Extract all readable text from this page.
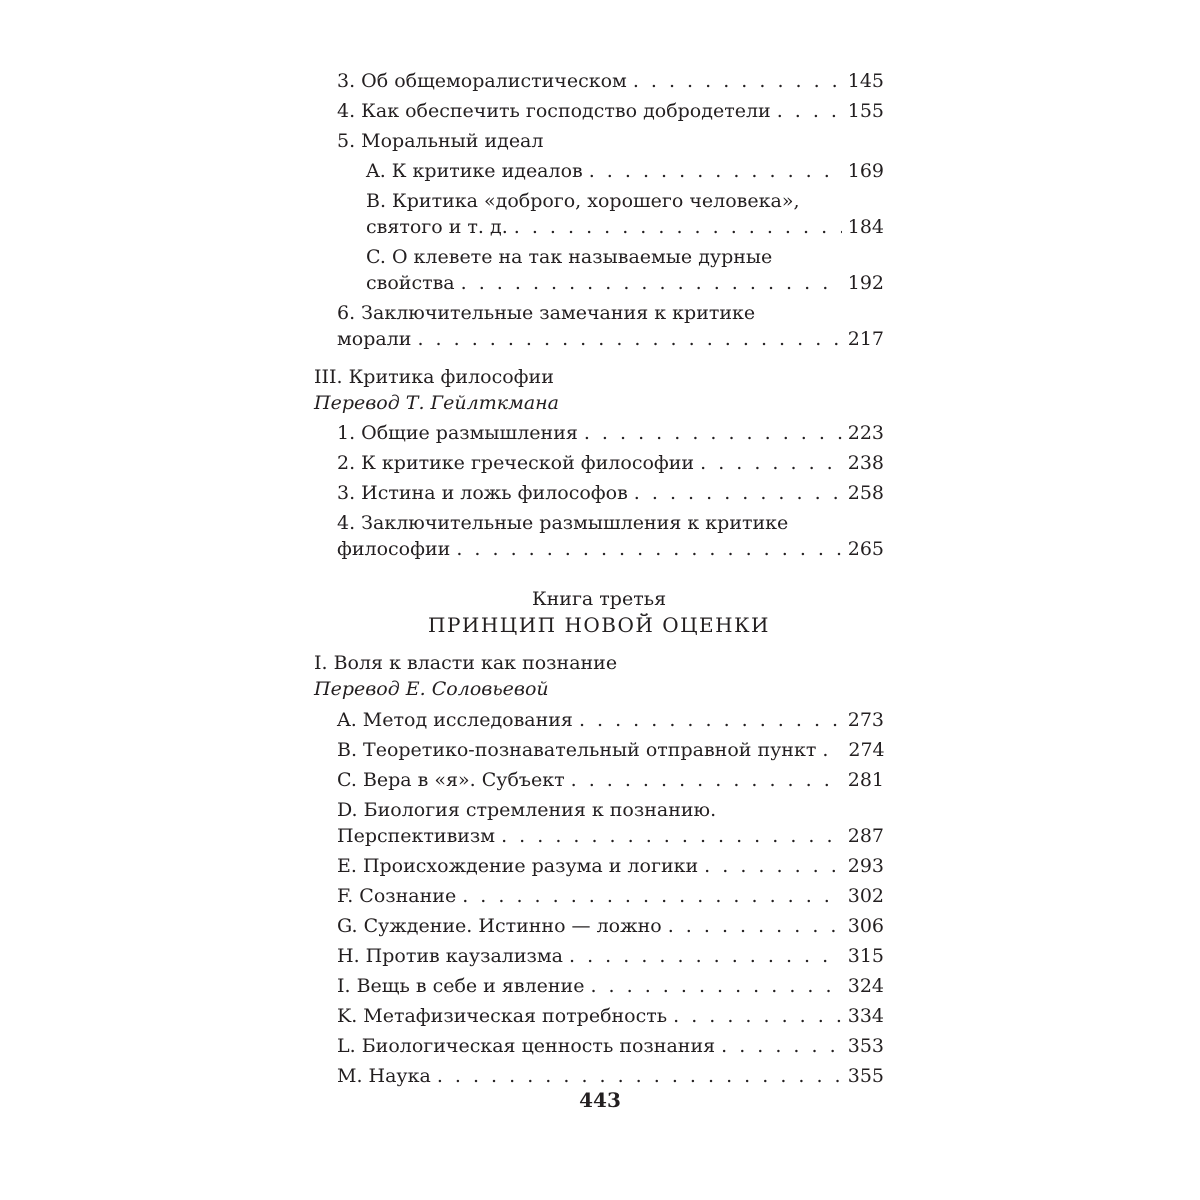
3. Об общеморалистическом . . .	145
4. Как обеспечить господство добродетели . . .	155
5. Моральный идеал
A. К критике идеалов . . .	169
B. Критика «доброго, хорошего человека»,
святого и т. д. . . .	184
C. О клевете на так называемые дурные
свойства . . .	192
6. Заключительные замечания к критике
морали . . .	217
III. Критика философии
Перевод Т. Гейлткмана
1. Общие размышления . . .	223
2. К критике греческой философии . . .	238
3. Истина и ложь философов . . .	258
4. Заключительные размышления к критике
философии . . .	265
Книга третья
ПРИНЦИП НОВОЙ ОЦЕНКИ
I. Воля к власти как познание
Перевод Е. Соловьевой
A. Метод исследования . . .	273
B. Теоретико-познавательный отправной пункт . . . 274
C. Вера в «я». Субъект . . .	281
D. Биология стремления к познанию.
Перспективизм . . .	287
E. Происхождение разума и логики . . .	293
F. Сознание . . .	302
G. Суждение. Истинно — ложно . . .	306
H. Против каузализма . . .	315
I. Вещь в себе и явление . . .	324
K. Метафизическая потребность . . .	334
L. Биологическая ценность познания . . .	353
M. Наука . . .	355
443
